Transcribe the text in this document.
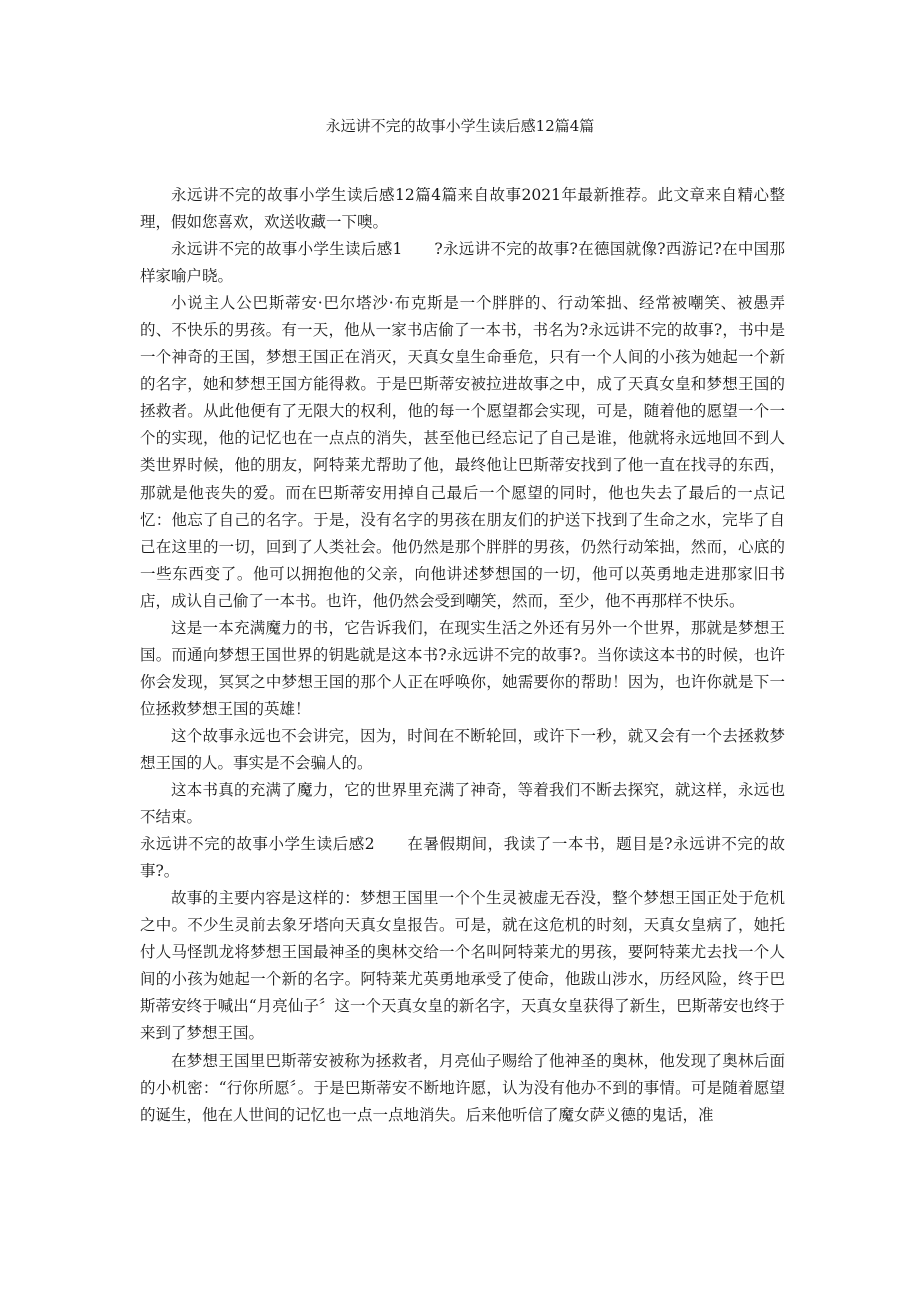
永远讲不完的故事小学生读后感12篇4篇

永远讲不完的故事小学生读后感12篇4篇来自故事2021年最新推荐。此文章来自精心整理，假如您喜欢，欢送收藏一下噢。

永远讲不完的故事小学生读后感1　　?永远讲不完的故事?在德国就像?西游记?在中国那样家喻户晓。

小说主人公巴斯蒂安·巴尔塔沙·布克斯是一个胖胖的、行动笨拙、经常被嘲笑、被愚弄的、不快乐的男孩。有一天，他从一家书店偷了一本书，书名为?永远讲不完的故事?，书中是一个神奇的王国，梦想王国正在消灭，天真女皇生命垂危，只有一个人间的小孩为她起一个新的名字，她和梦想王国方能得救。于是巴斯蒂安被拉进故事之中，成了天真女皇和梦想王国的拯救者。从此他便有了无限大的权利，他的每一个愿望都会实现，可是，随着他的愿望一个一个的实现，他的记忆也在一点点的消失，甚至他已经忘记了自己是谁，他就将永远地回不到人类世界时候，他的朋友，阿特莱尤帮助了他，最终他让巴斯蒂安找到了他一直在找寻的东西，那就是他丧失的爱。而在巴斯蒂安用掉自己最后一个愿望的同时，他也失去了最后的一点记忆：他忘了自己的名字。于是，没有名字的男孩在朋友们的护送下找到了生命之水，完毕了自己在这里的一切，回到了人类社会。他仍然是那个胖胖的男孩，仍然行动笨拙，然而，心底的一些东西变了。他可以拥抱他的父亲，向他讲述梦想国的一切，他可以英勇地走进那家旧书店，成认自己偷了一本书。也许，他仍然会受到嘲笑，然而，至少，他不再那样不快乐。

这是一本充满魔力的书，它告诉我们，在现实生活之外还有另外一个世界，那就是梦想王国。而通向梦想王国世界的钥匙就是这本书?永远讲不完的故事?。当你读这本书的时候，也许你会发现，冥冥之中梦想王国的那个人正在呼唤你，她需要你的帮助！因为，也许你就是下一位拯救梦想王国的英雄！

这个故事永远也不会讲完，因为，时间在不断轮回，或许下一秒，就又会有一个去拯救梦想王国的人。事实是不会骗人的。

这本书真的充满了魔力，它的世界里充满了神奇，等着我们不断去探究，就这样，永远也不结束。

永远讲不完的故事小学生读后感2　　在暑假期间，我读了一本书，题目是?永远讲不完的故事?。

故事的主要内容是这样的：梦想王国里一个个生灵被虚无吞没，整个梦想王国正处于危机之中。不少生灵前去象牙塔向天真女皇报告。可是，就在这危机的时刻，天真女皇病了，她托付人马怪凯龙将梦想王国最神圣的奥林交给一个名叫阿特莱尤的男孩，要阿特莱尤去找一个人间的小孩为她起一个新的名字。阿特莱尤英勇地承受了使命，他跋山涉水，历经风险，终于巴斯蒂安终于喊出“月亮仙子〞这一个天真女皇的新名字，天真女皇获得了新生，巴斯蒂安也终于来到了梦想王国。

在梦想王国里巴斯蒂安被称为拯救者，月亮仙子赐给了他神圣的奥林，他发现了奥林后面的小机密：“行你所愿〞。于是巴斯蒂安不断地许愿，认为没有他办不到的事情。可是随着愿望的诞生，他在人世间的记忆也一点一点地消失。后来他听信了魔女萨义德的鬼话，准
